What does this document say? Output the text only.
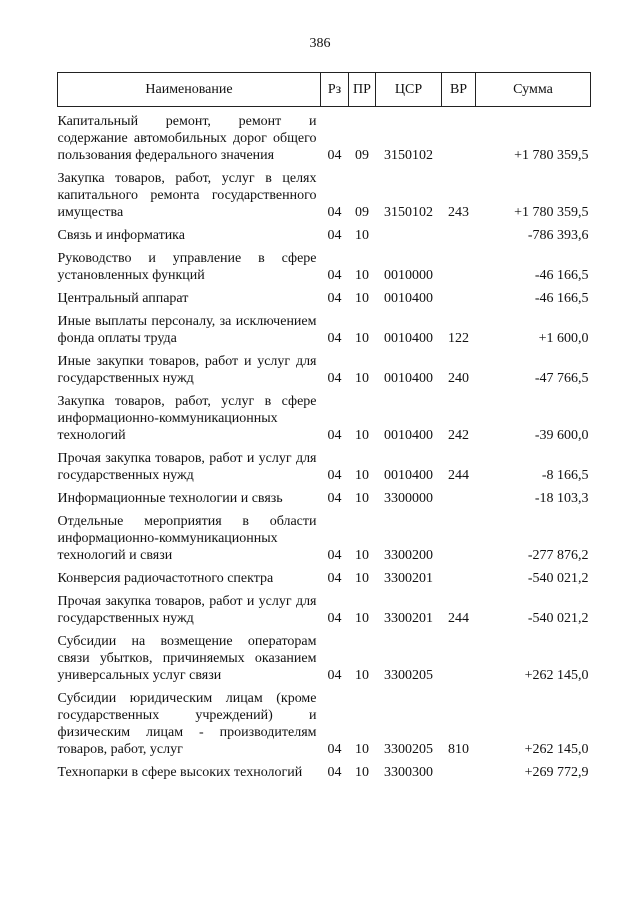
386
Наименование	Рз	ПР	ЦСР	ВР	Сумма
Капитальный ремонт, ремонт и содержание автомобильных дорог общего пользования федерального значения	04	09	3150102		+1 780 359,5
Закупка товаров, работ, услуг в целях капитального ремонта государственного имущества	04	09	3150102	243	+1 780 359,5
Связь и информатика	04	10			-786 393,6
Руководство и управление в сфере установленных функций	04	10	0010000		-46 166,5
Центральный аппарат	04	10	0010400		-46 166,5
Иные выплаты персоналу, за исключением фонда оплаты труда	04	10	0010400	122	+1 600,0
Иные закупки товаров, работ и услуг для государственных нужд	04	10	0010400	240	-47 766,5
Закупка товаров, работ, услуг в сфере информационно-коммуникационных технологий	04	10	0010400	242	-39 600,0
Прочая закупка товаров, работ и услуг для государственных нужд	04	10	0010400	244	-8 166,5
Информационные технологии и связь	04	10	3300000		-18 103,3
Отдельные мероприятия в области информационно-коммуникационных технологий и связи	04	10	3300200		-277 876,2
Конверсия радиочастотного спектра	04	10	3300201		-540 021,2
Прочая закупка товаров, работ и услуг для государственных нужд	04	10	3300201	244	-540 021,2
Субсидии на возмещение операторам связи убытков, причиняемых оказанием универсальных услуг связи	04	10	3300205		+262 145,0
Субсидии юридическим лицам (кроме государственных учреждений) и физическим лицам - производителям товаров, работ, услуг	04	10	3300205	810	+262 145,0
Технопарки в сфере высоких технологий	04	10	3300300		+269 772,9
